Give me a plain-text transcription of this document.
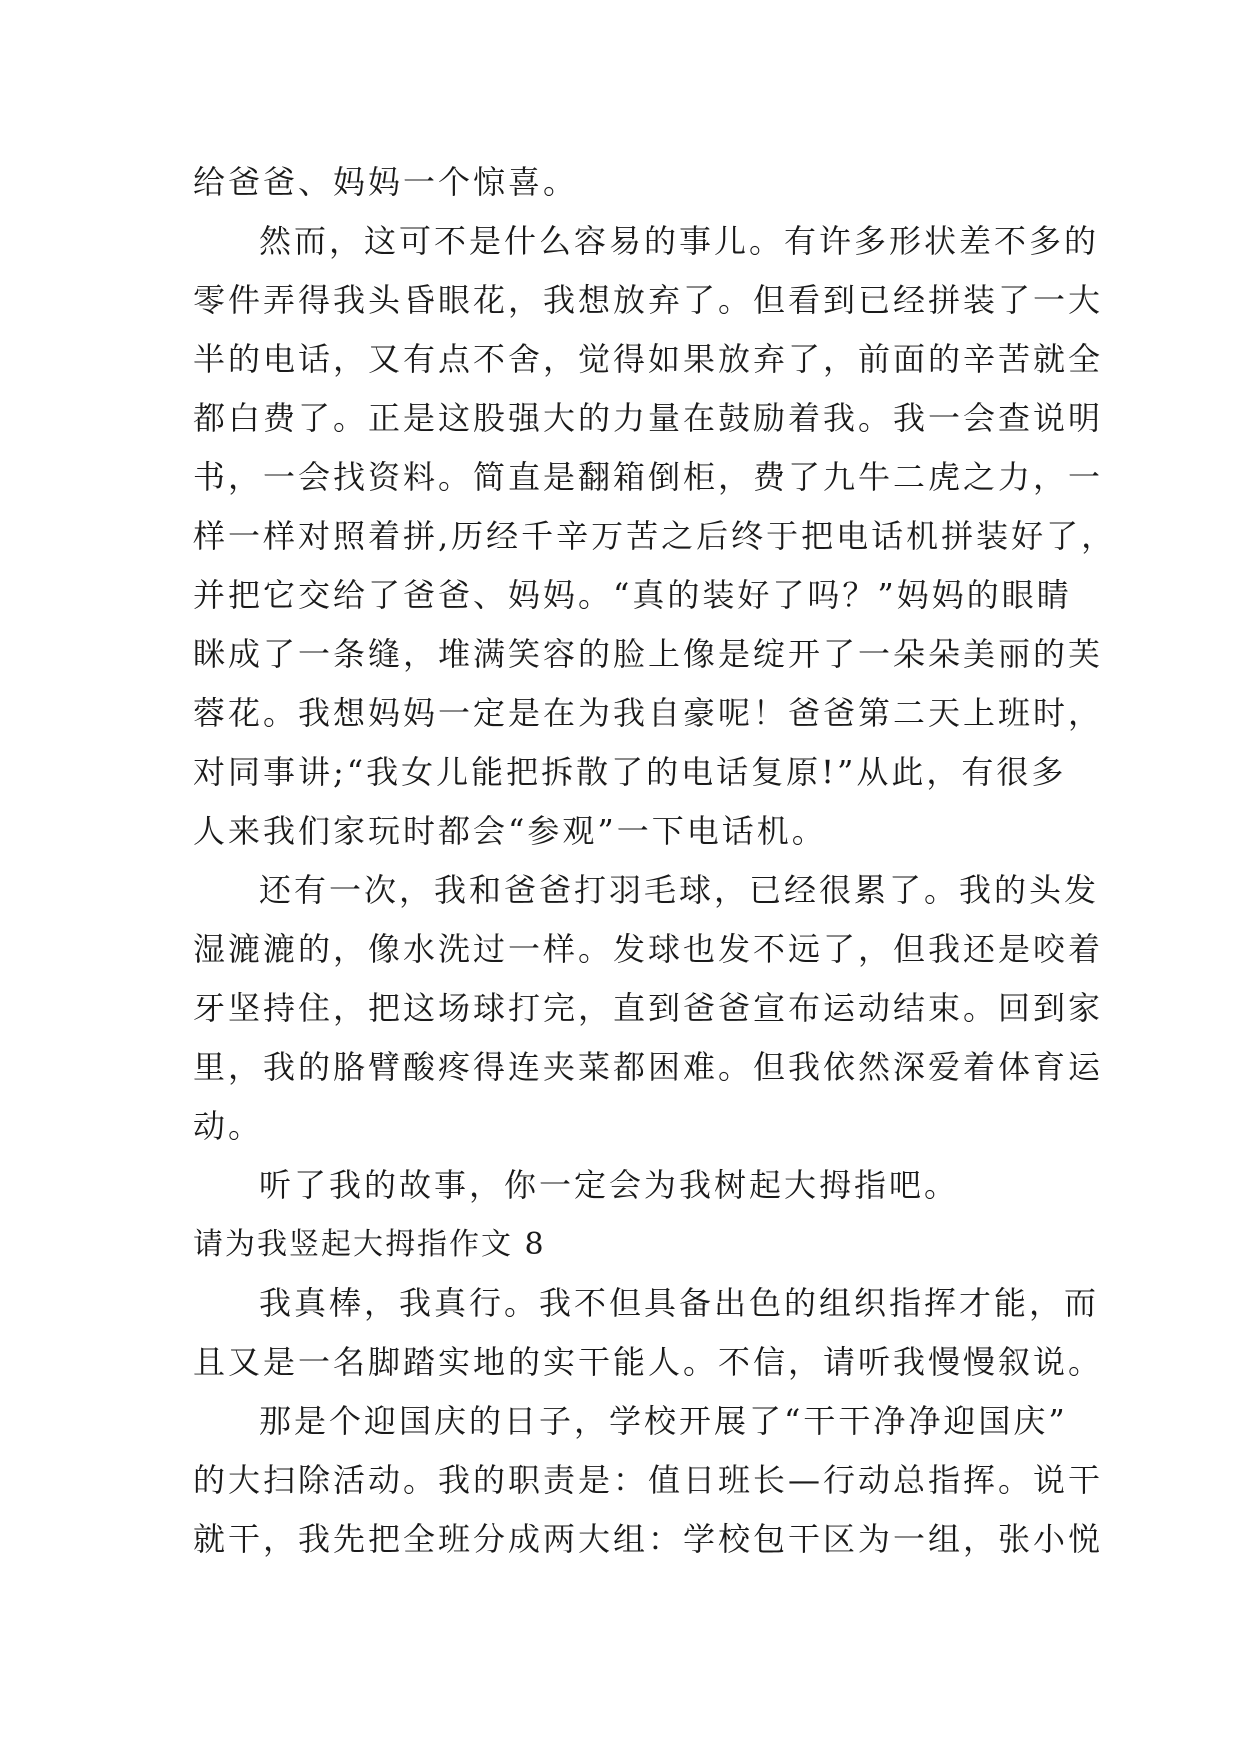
给爸爸、妈妈一个惊喜。
然而，这可不是什么容易的事儿。有许多形状差不多的
零件弄得我头昏眼花，我想放弃了。但看到已经拼装了一大
半的电话，又有点不舍，觉得如果放弃了，前面的辛苦就全
都白费了。正是这股强大的力量在鼓励着我。我一会查说明
书，一会找资料。简直是翻箱倒柜，费了九牛二虎之力，一
样一样对照着拼,历经千辛万苦之后终于把电话机拼装好了，
并把它交给了爸爸、妈妈。“真的装好了吗？”妈妈的眼睛
眯成了一条缝，堆满笑容的脸上像是绽开了一朵朵美丽的芙
蓉花。我想妈妈一定是在为我自豪呢！爸爸第二天上班时，
对同事讲;“我女儿能把拆散了的电话复原!”从此，有很多
人来我们家玩时都会“参观”一下电话机。
还有一次，我和爸爸打羽毛球，已经很累了。我的头发
湿漉漉的，像水洗过一样。发球也发不远了，但我还是咬着
牙坚持住，把这场球打完，直到爸爸宣布运动结束。回到家
里，我的胳臂酸疼得连夹菜都困难。但我依然深爱着体育运
动。
听了我的故事，你一定会为我树起大拇指吧。
请为我竖起大拇指作文 8
我真棒，我真行。我不但具备出色的组织指挥才能，而
且又是一名脚踏实地的实干能人。不信，请听我慢慢叙说。
那是个迎国庆的日子，学校开展了“干干净净迎国庆”
的大扫除活动。我的职责是：值日班长—行动总指挥。说干
就干，我先把全班分成两大组：学校包干区为一组，张小悦
